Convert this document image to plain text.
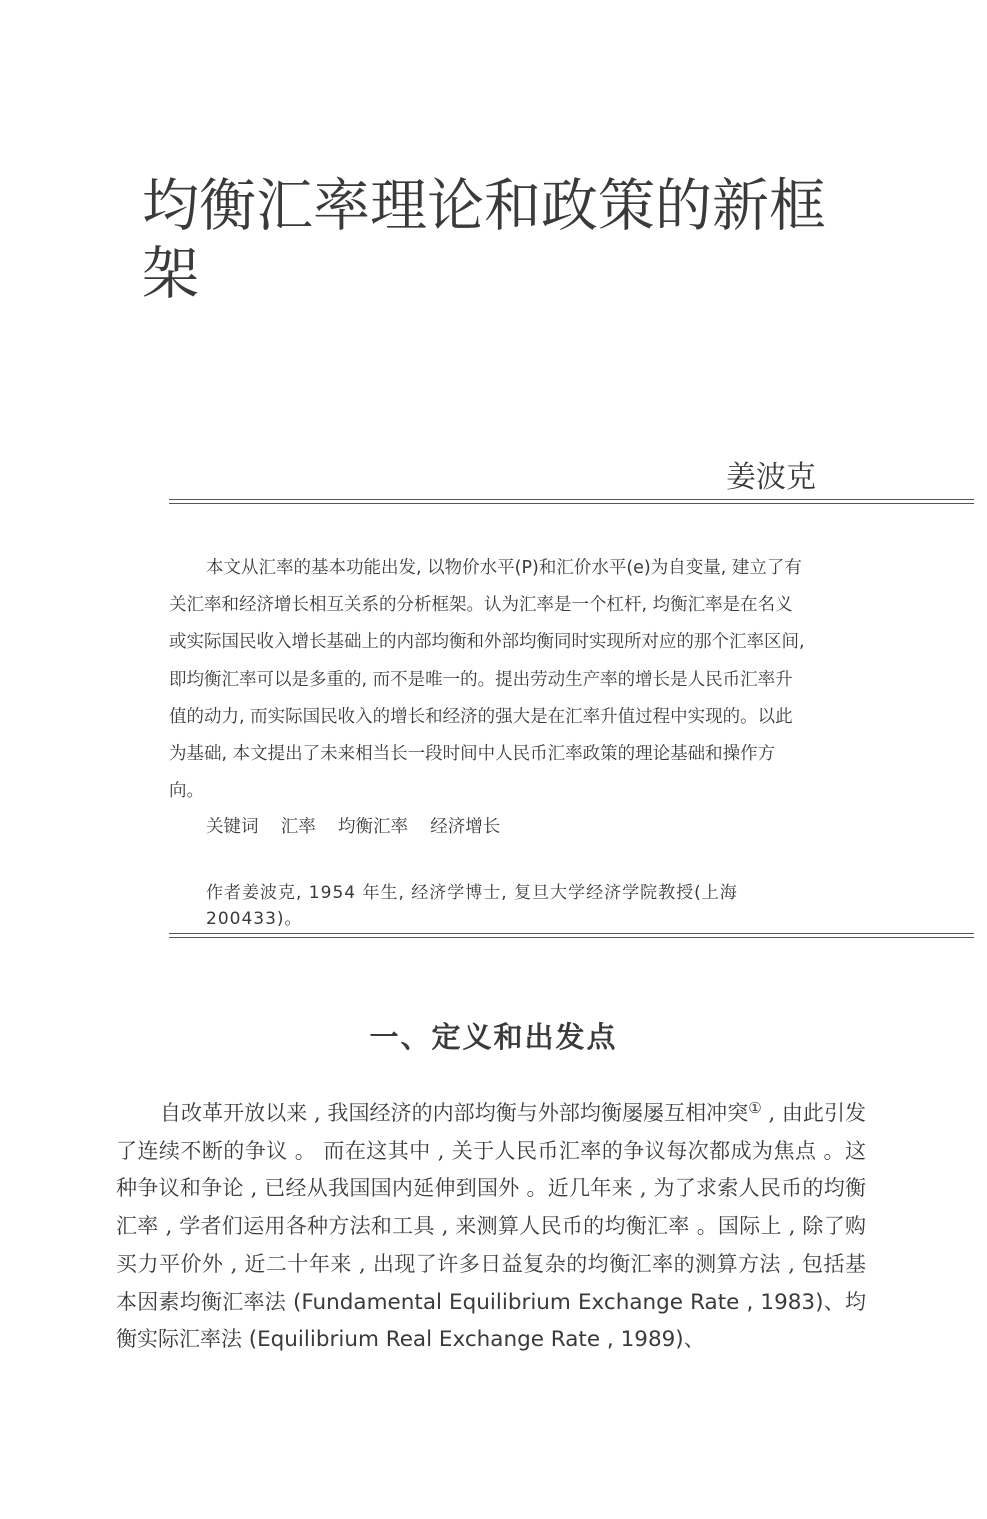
均衡汇率理论和政策的新框架
姜波克

本文从汇率的基本功能出发, 以物价水平(P)和汇价水平(e)为自变量, 建立了有关汇率和经济增长相互关系的分析框架。认为汇率是一个杠杆, 均衡汇率是在名义或实际国民收入增长基础上的内部均衡和外部均衡同时实现所对应的那个汇率区间, 即均衡汇率可以是多重的, 而不是唯一的。提出劳动生产率的增长是人民币汇率升值的动力, 而实际国民收入的增长和经济的强大是在汇率升值过程中实现的。以此为基础, 本文提出了未来相当长一段时间中人民币汇率政策的理论基础和操作方向。

关键词 汇率 均衡汇率 经济增长

作者姜波克, 1954 年生, 经济学博士, 复旦大学经济学院教授(上海 200433)。

一、定义和出发点

自改革开放以来 , 我国经济的内部均衡与外部均衡屡屡互相冲突① , 由此引发了连续不断的争议 。 而在这其中 , 关于人民币汇率的争议每次都成为焦点 。这种争议和争论 , 已经从我国国内延伸到国外 。近几年来 , 为了求索人民币的均衡汇率 , 学者们运用各种方法和工具 , 来测算人民币的均衡汇率 。国际上 , 除了购买力平价外 , 近二十年来 , 出现了许多日益复杂的均衡汇率的测算方法 , 包括基本因素均衡汇率法 (Fundamental Equilibrium Exchange Rate , 1983)、均衡实际汇率法 (Equilibrium Real Exchange Rate , 1989)、
